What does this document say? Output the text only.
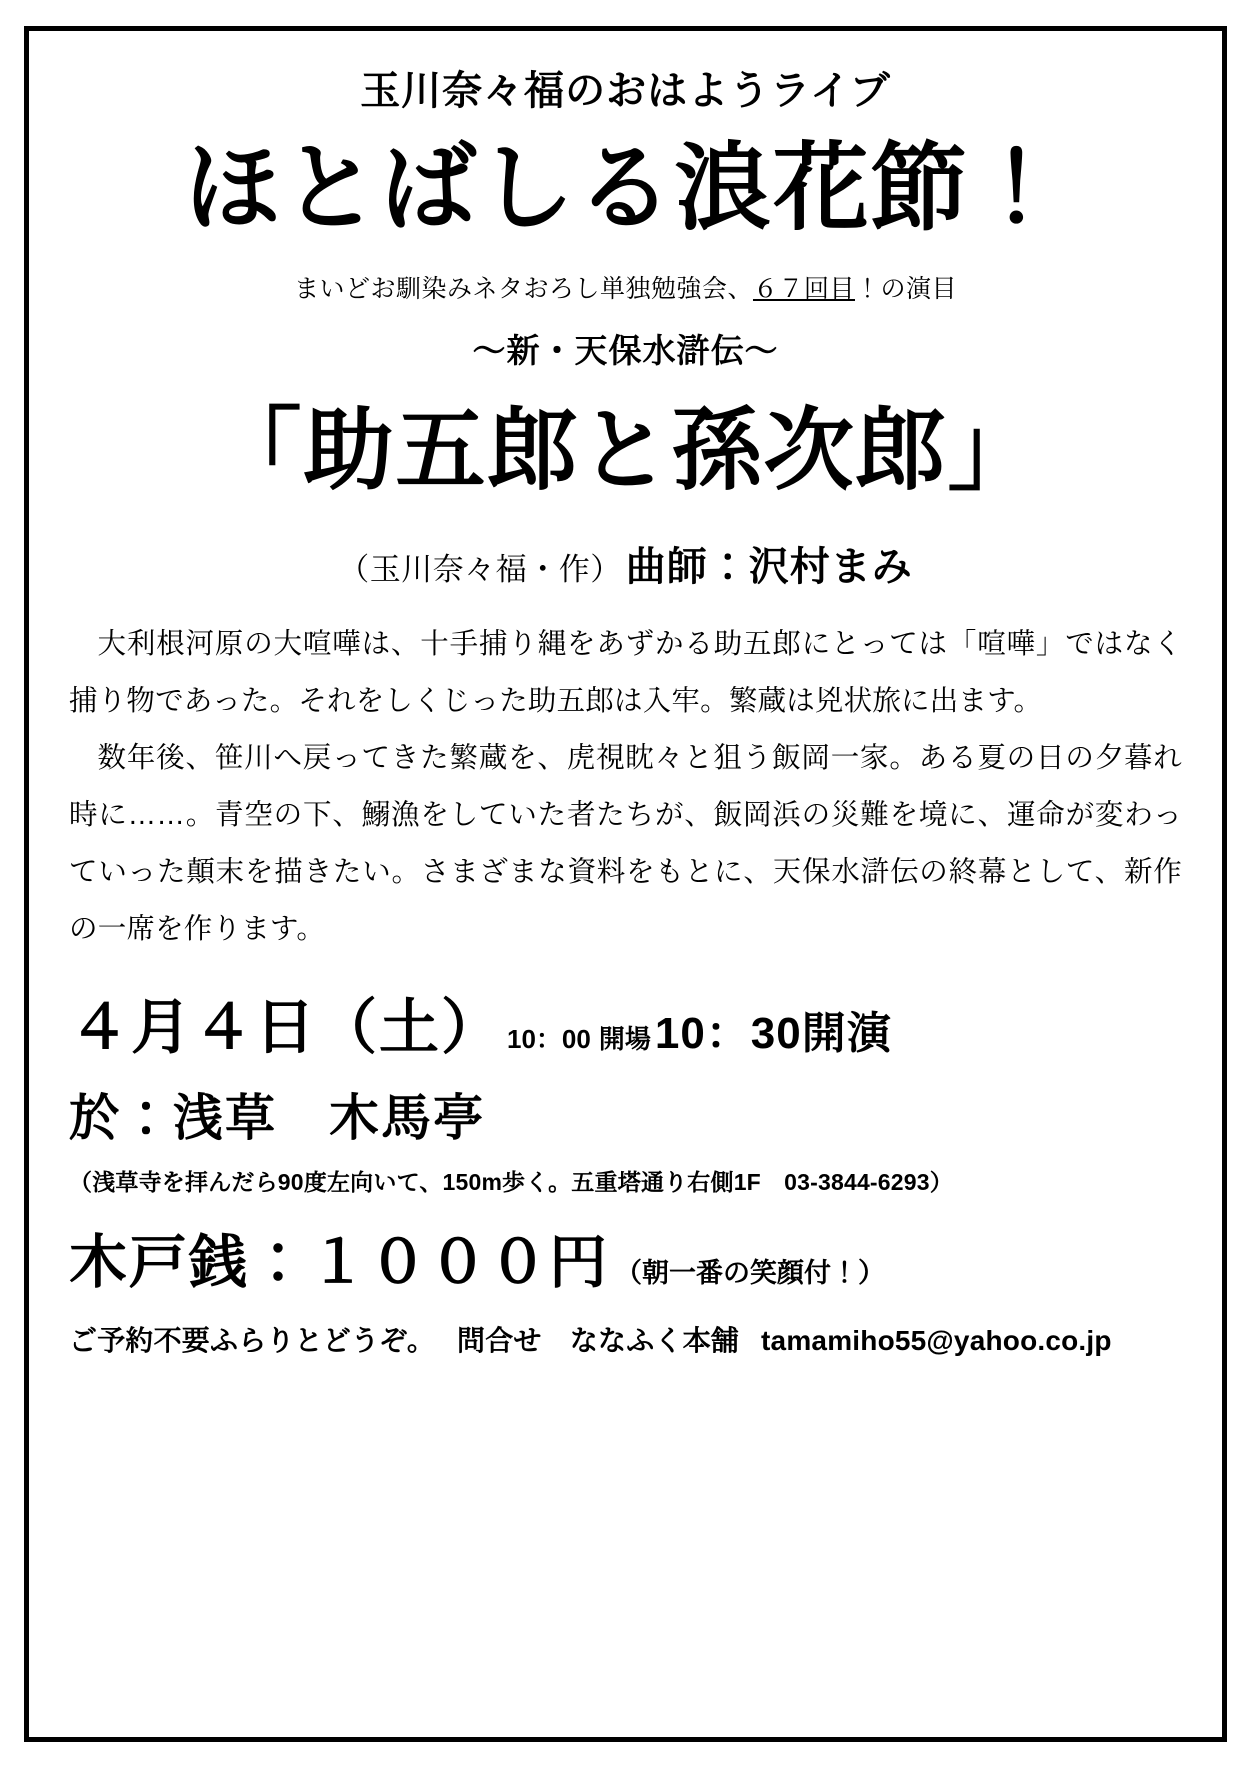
玉川奈々福のおはようライブ
ほとばしる浪花節！
まいどお馴染みネタおろし単独勉強会、６７回目！の演目
〜新・天保水滸伝〜
「助五郎と孫次郎」
（玉川奈々福・作） 曲師：沢村まみ

大利根河原の大喧嘩は、十手捕り縄をあずかる助五郎にとっては「喧嘩」ではなく捕り物であった。それをしくじった助五郎は入牢。繁蔵は兇状旅に出ます。

数年後、笹川へ戻ってきた繁蔵を、虎視眈々と狙う飯岡一家。ある夏の日の夕暮れ時に……。青空の下、鰯漁をしていた者たちが、飯岡浜の災難を境に、運命が変わっていった顛末を描きたい。さまざまな資料をもとに、天保水滸伝の終幕として、新作の一席を作ります。

４月４日（土） 10：00 開場 10：30 開演
於：浅草　木馬亭
（浅草寺を拝んだら90度左向いて、150m歩く。五重塔通り右側1F　03-3844-6293）
木戸銭： １０００円 （朝一番の笑顔付！）
ご予約不要ふらりとどうぞ。 問合せ　ななふく本舗 tamamiho55@yahoo.co.jp
